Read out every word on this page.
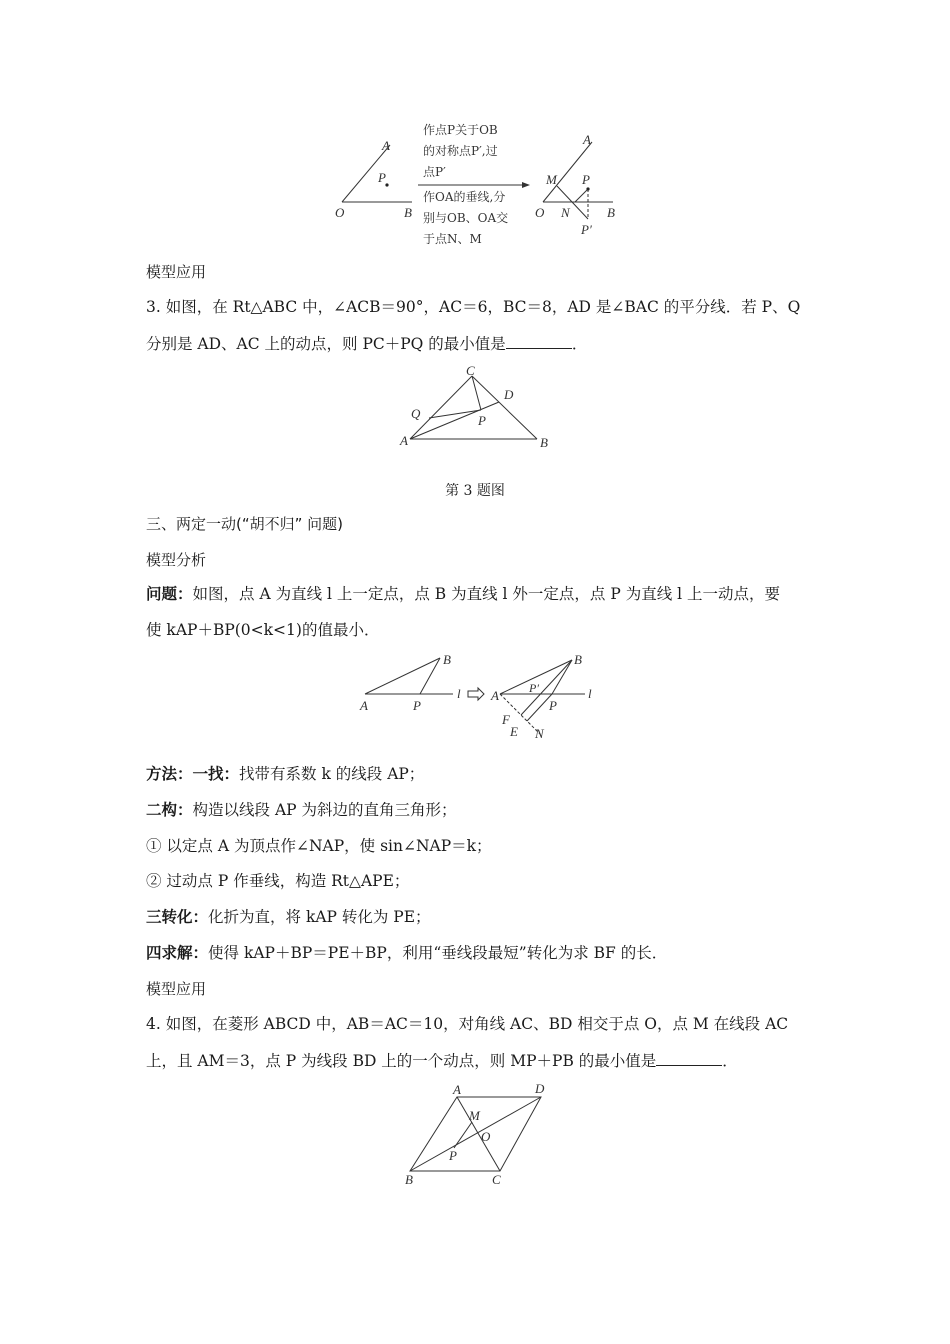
A
P
O	B
作点P关于OB
的对称点P′,过
点P′
作OA的垂线,分
别与OB、OA交
于点N、M
A
M P
O N	B
P′
模型应用
3. 如图，在 Rt△ABC 中，∠ACB＝90°，AC＝6，BC＝8，AD 是∠BAC 的平分线．若 P、Q
分别是 AD、AC 上的动点，则 PC＋PQ 的最小值是	．
C
D
Q	P
A	B
第 3 题图
三、两定一动(“胡不归” 问题)
模型分析
问题：如图，点 A 为直线 l 上一定点，点 B 为直线 l 外一定点，点 P 为直线 l 上一动点，要
使 kAP＋BP(0<k<1)的值最小．
A	P
B
l
B
A	P′
P
l
F
E N
方法：一找：找带有系数 k 的线段 AP；
二构：构造以线段 AP 为斜边的直角三角形；
① 以定点 A 为顶点作∠NAP，使 sin∠NAP＝k；
② 过动点 P 作垂线，构造 Rt△APE；
三转化：化折为直，将 kAP 转化为 PE；
四求解：使得 kAP＋BP＝PE＋BP，利用“垂线段最短”转化为求 BF 的长．
模型应用
4. 如图，在菱形 ABCD 中，AB＝AC＝10，对角线 AC、BD 相交于点 O，点 M 在线段 AC
上，且 AM＝3，点 P 为线段 BD 上的一个动点，则 MP＋PB 的最小值是	．
A	D
M
O
P
B	C
